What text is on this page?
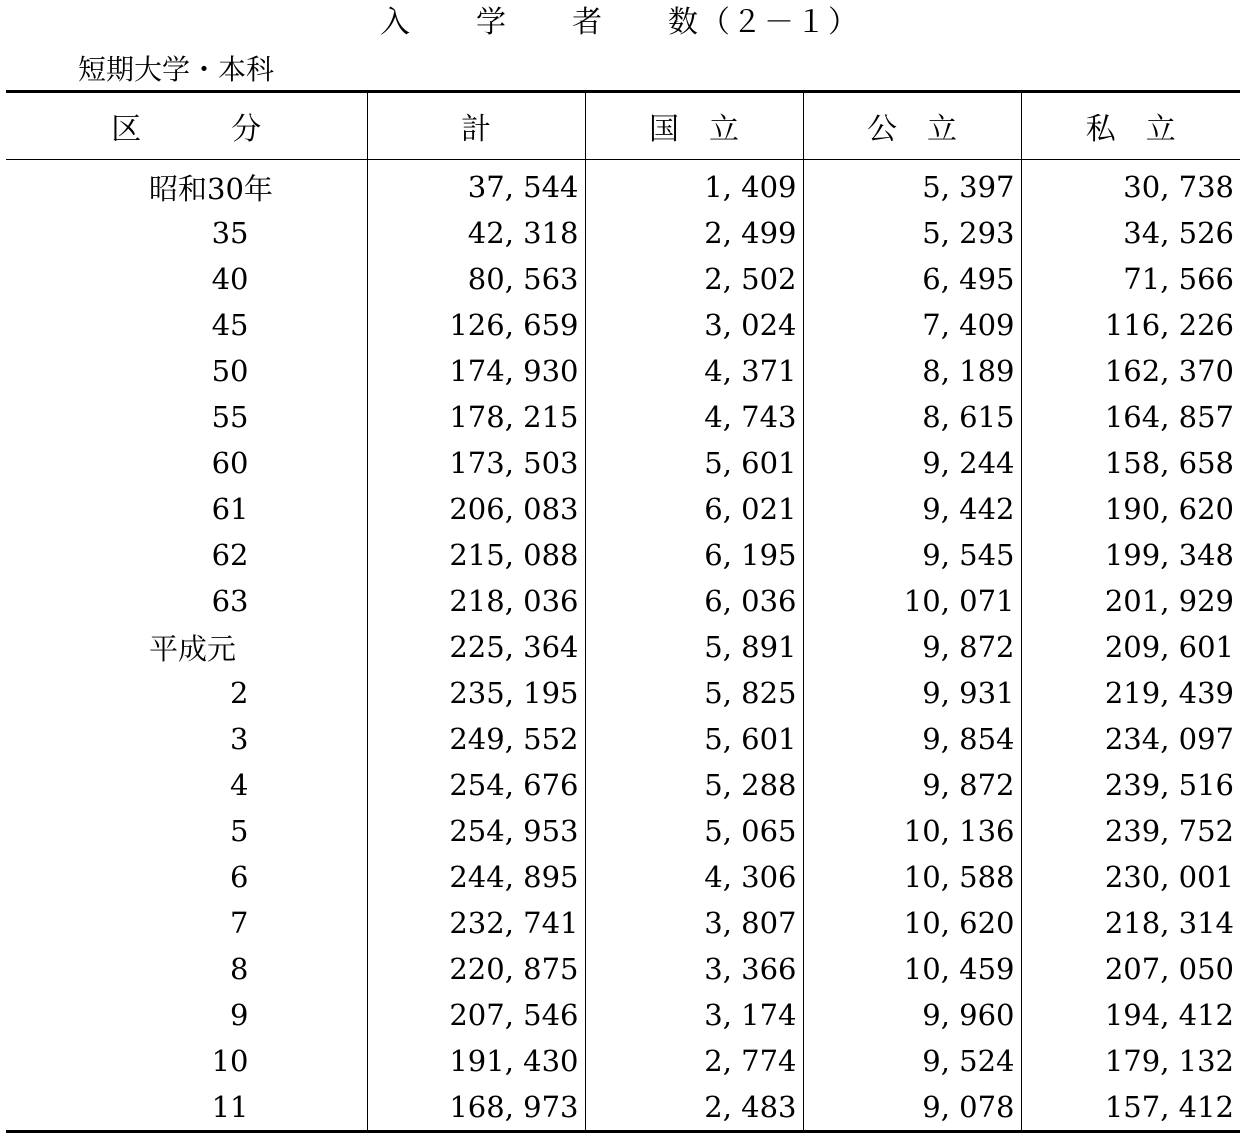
入　　学　　者　　数（２－１）
短期大学・本科
区　　　分	計	国　立	公　立	私　立
昭和30年	37, 544	1, 409	5, 397	30, 738
35	42, 318	2, 499	5, 293	34, 526
40	80, 563	2, 502	6, 495	71, 566
45	126, 659	3, 024	7, 409	116, 226
50	174, 930	4, 371	8, 189	162, 370
55	178, 215	4, 743	8, 615	164, 857
60	173, 503	5, 601	9, 244	158, 658
61	206, 083	6, 021	9, 442	190, 620
62	215, 088	6, 195	9, 545	199, 348
63	218, 036	6, 036	10, 071	201, 929
平成元	225, 364	5, 891	9, 872	209, 601
2	235, 195	5, 825	9, 931	219, 439
3	249, 552	5, 601	9, 854	234, 097
4	254, 676	5, 288	9, 872	239, 516
5	254, 953	5, 065	10, 136	239, 752
6	244, 895	4, 306	10, 588	230, 001
7	232, 741	3, 807	10, 620	218, 314
8	220, 875	3, 366	10, 459	207, 050
9	207, 546	3, 174	9, 960	194, 412
10	191, 430	2, 774	9, 524	179, 132
11	168, 973	2, 483	9, 078	157, 412
